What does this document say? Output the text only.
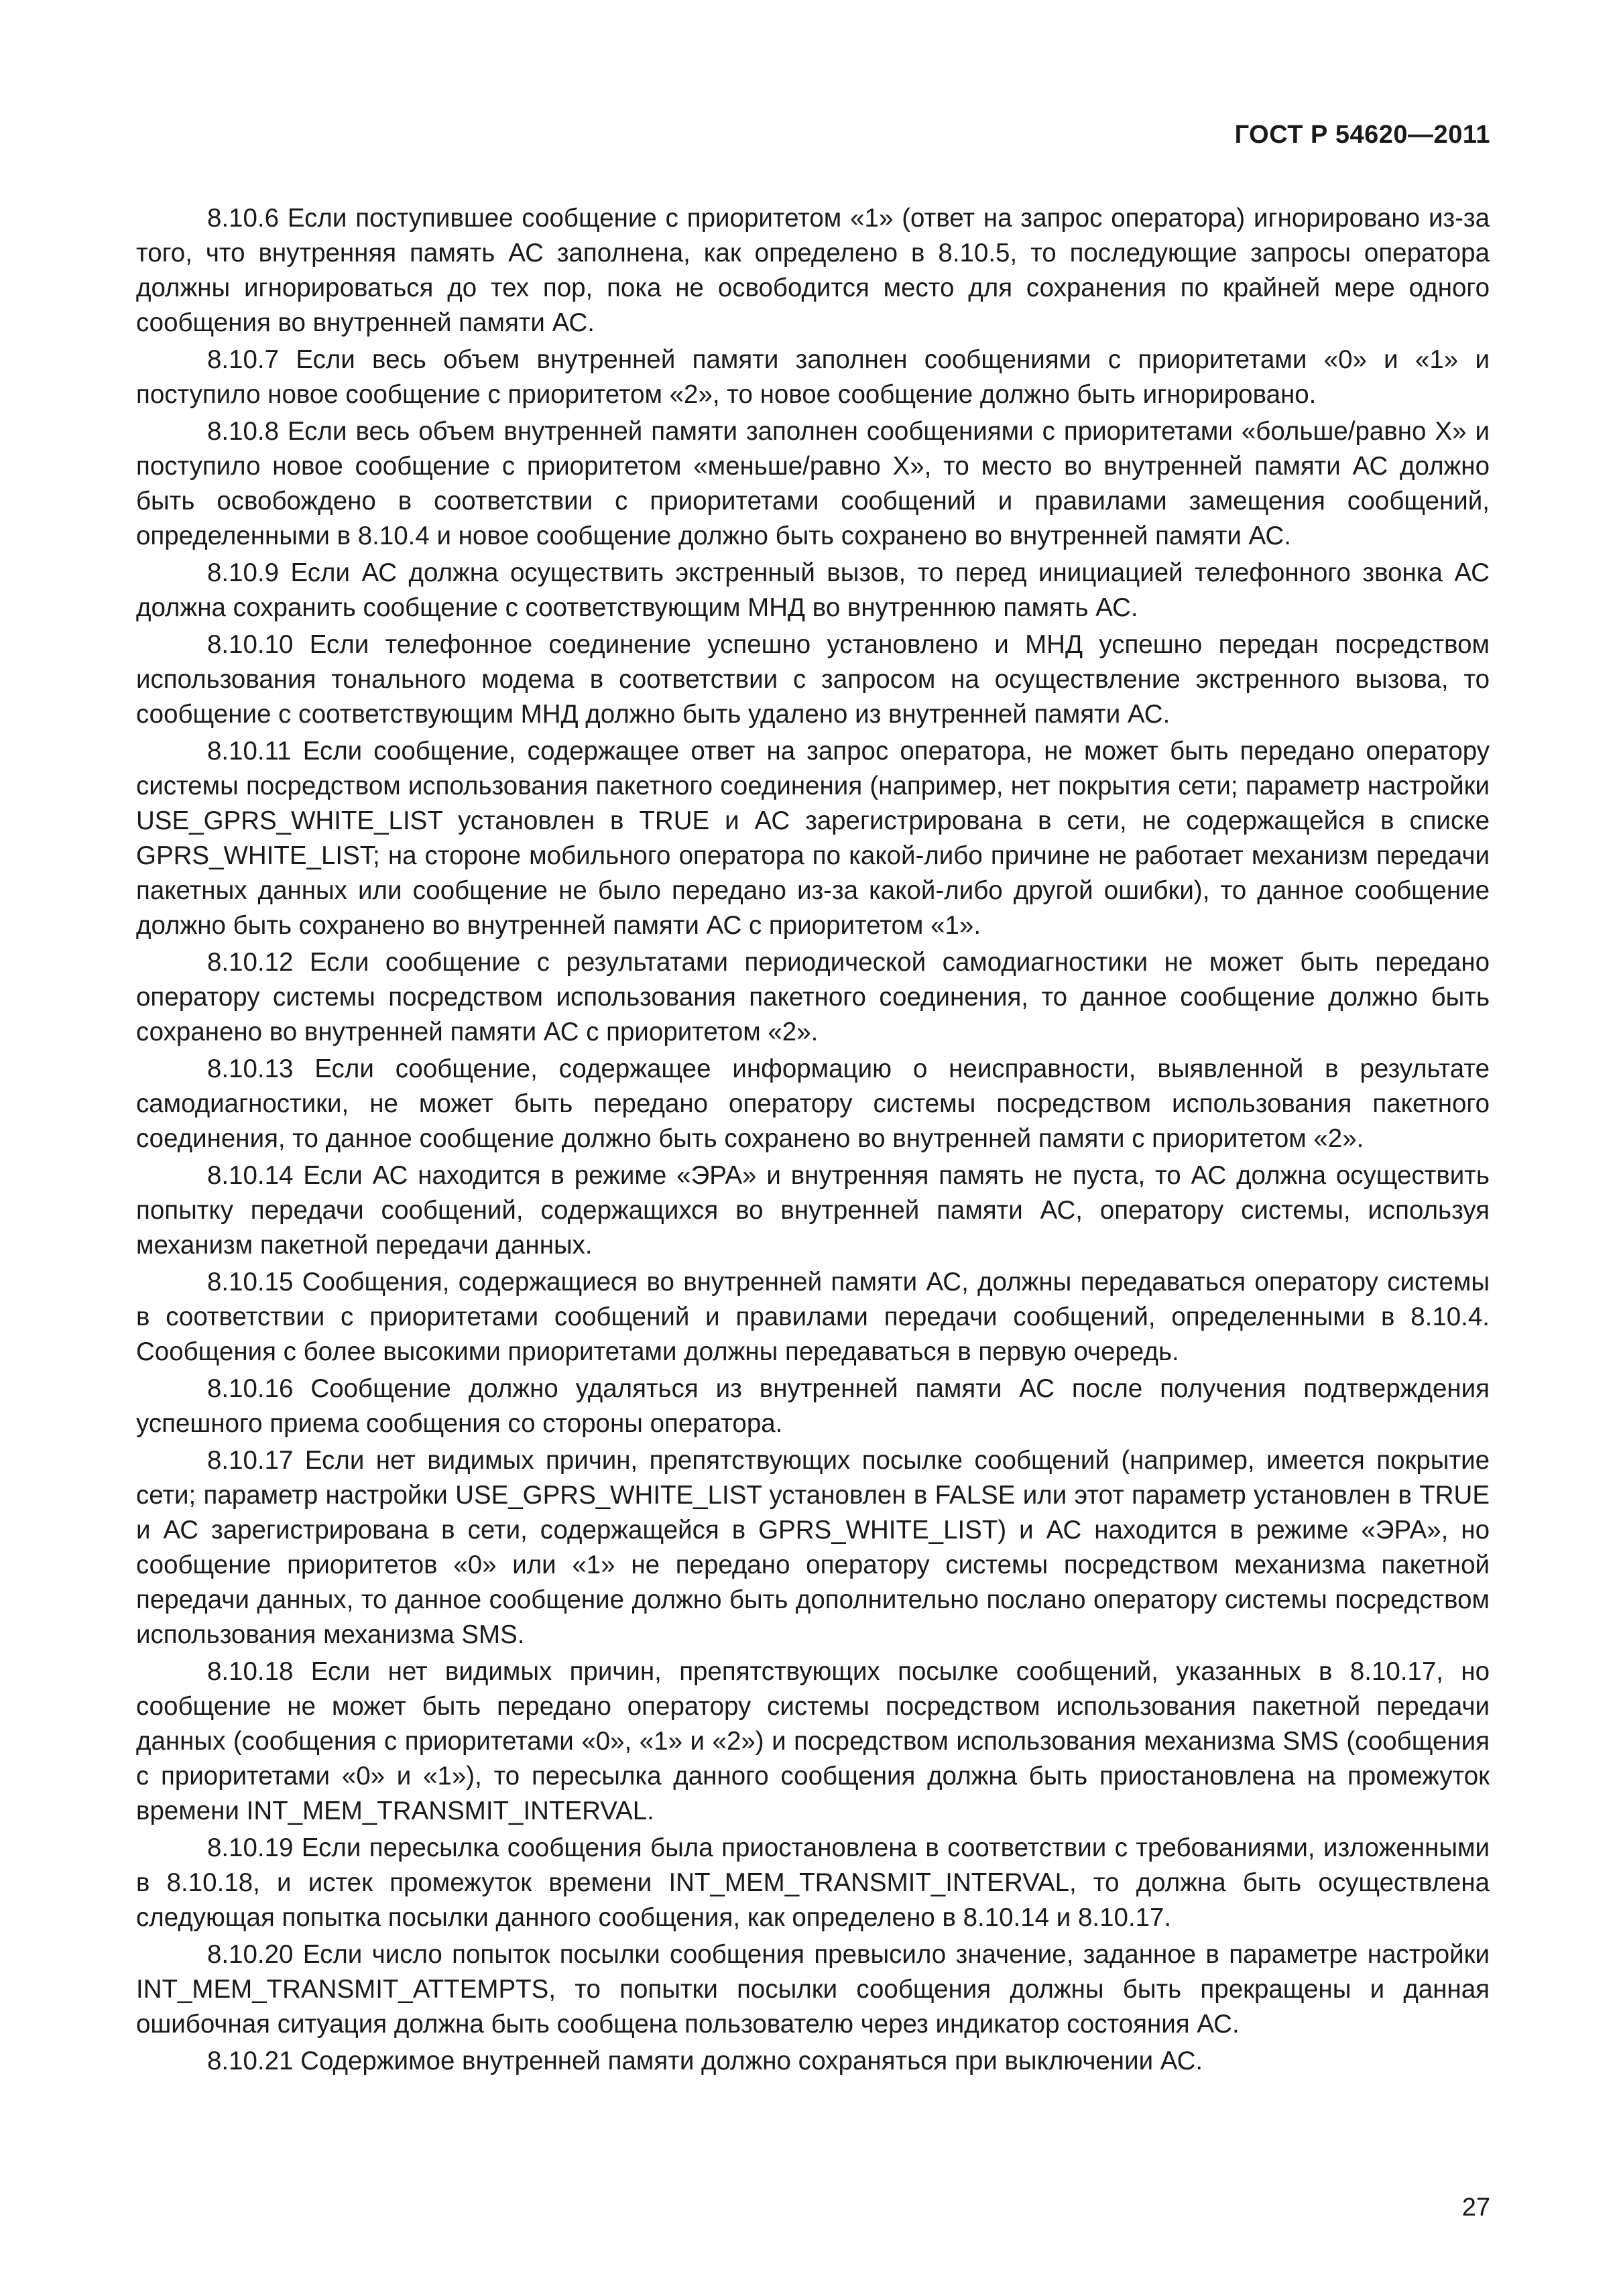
ГОСТ Р 54620—2011

8.10.6 Если поступившее сообщение с приоритетом «1» (ответ на запрос оператора) игнорировано из-за того, что внутренняя память АС заполнена, как определено в 8.10.5, то последующие запросы оператора должны игнорироваться до тех пор, пока не освободится место для сохранения по крайней мере одного сообщения во внутренней памяти АС.

8.10.7 Если весь объем внутренней памяти заполнен сообщениями с приоритетами «0» и «1» и поступило новое сообщение с приоритетом «2», то новое сообщение должно быть игнорировано.

8.10.8 Если весь объем внутренней памяти заполнен сообщениями с приоритетами «больше/равно Х» и поступило новое сообщение с приоритетом «меньше/равно Х», то место во внутренней памяти АС должно быть освобождено в соответствии с приоритетами сообщений и правилами замещения сообщений, определенными в 8.10.4 и новое сообщение должно быть сохранено во внутренней памяти АС.

8.10.9 Если АС должна осуществить экстренный вызов, то перед инициацией телефонного звонка АС должна сохранить сообщение с соответствующим МНД во внутреннюю память АС.

8.10.10 Если телефонное соединение успешно установлено и МНД успешно передан посредством использования тонального модема в соответствии с запросом на осуществление экстренного вызова, то сообщение с соответствующим МНД должно быть удалено из внутренней памяти АС.

8.10.11 Если сообщение, содержащее ответ на запрос оператора, не может быть передано оператору системы посредством использования пакетного соединения (например, нет покрытия сети; параметр настройки USE_GPRS_WHITE_LIST установлен в TRUE и АС зарегистрирована в сети, не содержащейся в списке GPRS_WHITE_LIST; на стороне мобильного оператора по какой-либо причине не работает механизм передачи пакетных данных или сообщение не было передано из-за какой-либо другой ошибки), то данное сообщение должно быть сохранено во внутренней памяти АС с приоритетом «1».

8.10.12 Если сообщение с результатами периодической самодиагностики не может быть передано оператору системы посредством использования пакетного соединения, то данное сообщение должно быть сохранено во внутренней памяти АС с приоритетом «2».

8.10.13 Если сообщение, содержащее информацию о неисправности, выявленной в результате самодиагностики, не может быть передано оператору системы посредством использования пакетного соединения, то данное сообщение должно быть сохранено во внутренней памяти с приоритетом «2».

8.10.14 Если АС находится в режиме «ЭРА» и внутренняя память не пуста, то АС должна осуществить попытку передачи сообщений, содержащихся во внутренней памяти АС, оператору системы, используя механизм пакетной передачи данных.

8.10.15 Сообщения, содержащиеся во внутренней памяти АС, должны передаваться оператору системы в соответствии с приоритетами сообщений и правилами передачи сообщений, определенными в 8.10.4. Сообщения с более высокими приоритетами должны передаваться в первую очередь.

8.10.16 Сообщение должно удаляться из внутренней памяти АС после получения подтверждения успешного приема сообщения со стороны оператора.

8.10.17 Если нет видимых причин, препятствующих посылке сообщений (например, имеется покрытие сети; параметр настройки USE_GPRS_WHITE_LIST установлен в FALSE или этот параметр установлен в TRUE и АС зарегистрирована в сети, содержащейся в GPRS_WHITE_LIST) и АС находится в режиме «ЭРА», но сообщение приоритетов «0» или «1» не передано оператору системы посредством механизма пакетной передачи данных, то данное сообщение должно быть дополнительно послано оператору системы посредством использования механизма SMS.

8.10.18 Если нет видимых причин, препятствующих посылке сообщений, указанных в 8.10.17, но сообщение не может быть передано оператору системы посредством использования пакетной передачи данных (сообщения с приоритетами «0», «1» и «2») и посредством использования механизма SMS (сообщения с приоритетами «0» и «1»), то пересылка данного сообщения должна быть приостановлена на промежуток времени INT_MEM_TRANSMIT_INTERVAL.

8.10.19 Если пересылка сообщения была приостановлена в соответствии с требованиями, изложенными в 8.10.18, и истек промежуток времени INT_MEM_TRANSMIT_INTERVAL, то должна быть осуществлена следующая попытка посылки данного сообщения, как определено в 8.10.14 и 8.10.17.

8.10.20 Если число попыток посылки сообщения превысило значение, заданное в параметре настройки INT_MEM_TRANSMIT_ATTEMPTS, то попытки посылки сообщения должны быть прекращены и данная ошибочная ситуация должна быть сообщена пользователю через индикатор состояния АС.

8.10.21 Содержимое внутренней памяти должно сохраняться при выключении АС.

27
